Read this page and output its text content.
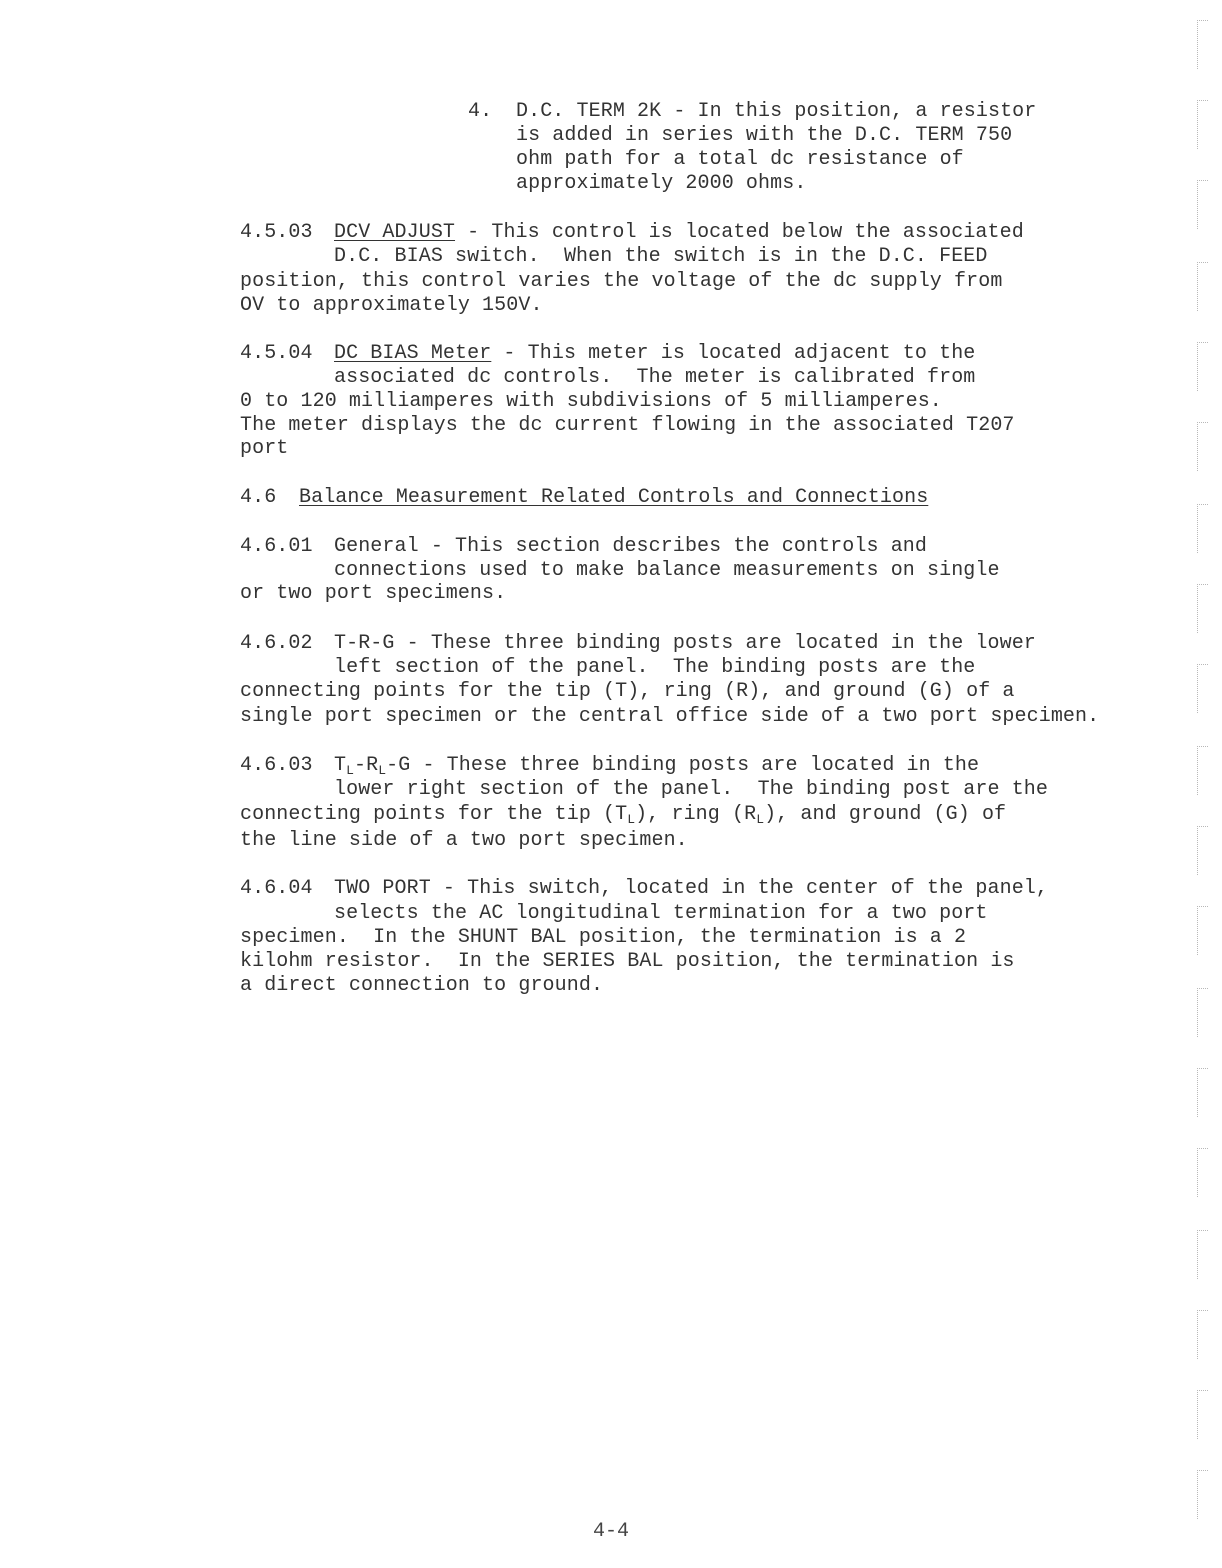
4. D.C. TERM 2K - In this position, a resistor
is added in series with the D.C. TERM 750
ohm path for a total dc resistance of
approximately 2000 ohms.
4.5.03 DCV ADJUST - This control is located below the associated
D.C. BIAS switch.  When the switch is in the D.C. FEED
position, this control varies the voltage of the dc supply from
OV to approximately 150V.
4.5.04 DC BIAS Meter - This meter is located adjacent to the
associated dc controls.  The meter is calibrated from
0 to 120 milliamperes with subdivisions of 5 milliamperes.
The meter displays the dc current flowing in the associated T207
port
4.6 Balance Measurement Related Controls and Connections
4.6.01 General - This section describes the controls and
connections used to make balance measurements on single
or two port specimens.
4.6.02 T-R-G - These three binding posts are located in the lower
left section of the panel.  The binding posts are the
connecting points for the tip (T), ring (R), and ground (G) of a
single port specimen or the central office side of a two port specimen.
4.6.03 $T_L-R_L-G$ - These three binding posts are located in the
lower right section of the panel.  The binding post are the
connecting points for the tip $(T_L)$, ring $(R_L)$, and ground (G) of
the line side of a two port specimen.
4.6.04 TWO PORT - This switch, located in the center of the panel,
selects the AC longitudinal termination for a two port
specimen.  In the SHUNT BAL position, the termination is a 2
kilohm resistor.  In the SERIES BAL position, the termination is
a direct connection to ground.
4-4
